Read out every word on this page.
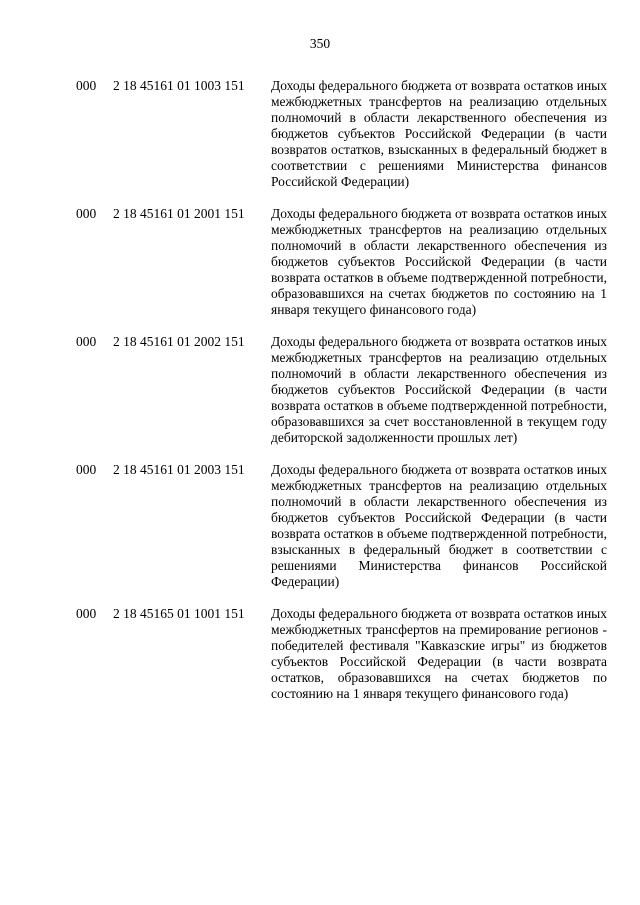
350
000 2 18 45161 01 1003 151 Доходы федерального бюджета от возврата остатков иных межбюджетных трансфертов на реализацию отдельных полномочий в области лекарственного обеспечения из бюджетов субъектов Российской Федерации (в части возвратов остатков, взысканных в федеральный бюджет в соответствии с решениями Министерства финансов Российской Федерации)
000 2 18 45161 01 2001 151 Доходы федерального бюджета от возврата остатков иных межбюджетных трансфертов на реализацию отдельных полномочий в области лекарственного обеспечения из бюджетов субъектов Российской Федерации (в части возврата остатков в объеме подтвержденной потребности, образовавшихся на счетах бюджетов по состоянию на 1 января текущего финансового года)
000 2 18 45161 01 2002 151 Доходы федерального бюджета от возврата остатков иных межбюджетных трансфертов на реализацию отдельных полномочий в области лекарственного обеспечения из бюджетов субъектов Российской Федерации (в части возврата остатков в объеме подтвержденной потребности, образовавшихся за счет восстановленной в текущем году дебиторской задолженности прошлых лет)
000 2 18 45161 01 2003 151 Доходы федерального бюджета от возврата остатков иных межбюджетных трансфертов на реализацию отдельных полномочий в области лекарственного обеспечения из бюджетов субъектов Российской Федерации (в части возврата остатков в объеме подтвержденной потребности, взысканных в федеральный бюджет в соответствии с решениями Министерства финансов Российской Федерации)
000 2 18 45165 01 1001 151 Доходы федерального бюджета от возврата остатков иных межбюджетных трансфертов на премирование регионов - победителей фестиваля "Кавказские игры" из бюджетов субъектов Российской Федерации (в части возврата остатков, образовавшихся на счетах бюджетов по состоянию на 1 января текущего финансового года)
